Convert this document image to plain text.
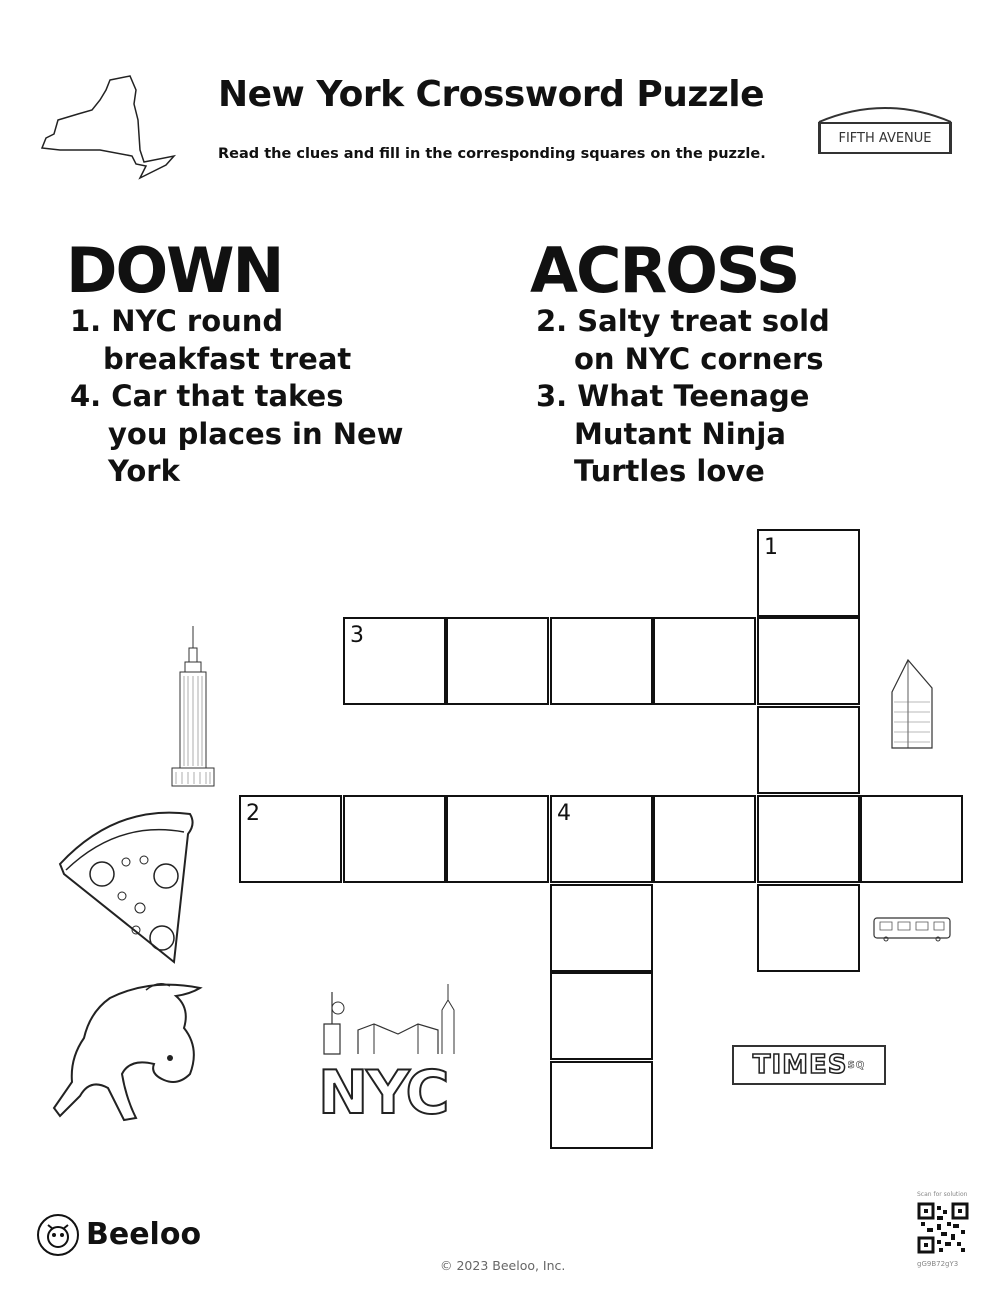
New York Crossword Puzzle
Read the clues and fill in the corresponding squares on the puzzle.
FIFTH AVENUE
DOWN	ACROSS
1. NYC round
breakfast treat
4. Car that takes
you places in New York
2. Salty treat sold
on NYC corners
3. What Teenage
Mutant Ninja Turtles love
1
3
2	4
NYC	TIMES SQ
Beeloo
© 2023 Beeloo, Inc.
Scan for solution
gG9B72gY3
